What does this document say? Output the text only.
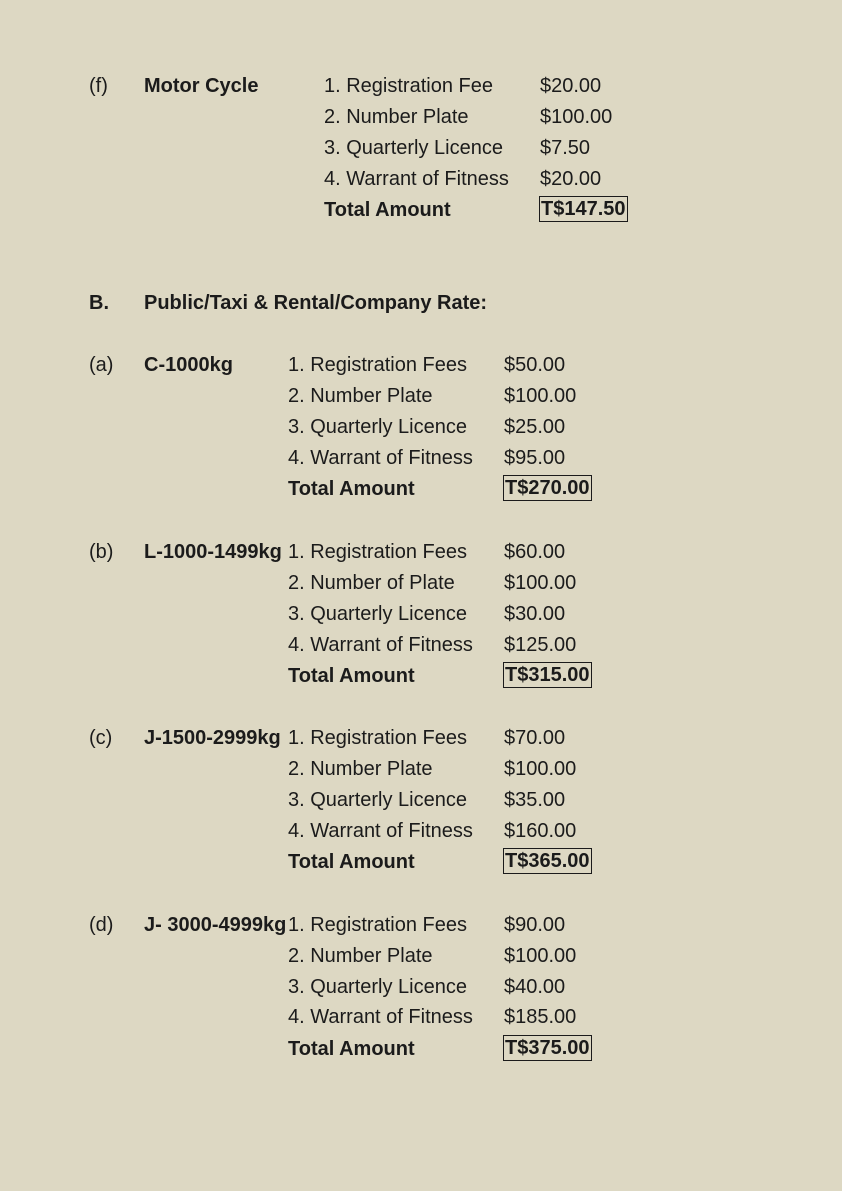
(f) Motor Cycle	1. Registration Fee $20.00
2. Number Plate	$100.00
3. Quarterly Licence $7.50
4. Warrant of Fitness $20.00
Total Amount	T$147.50
B. Public/Taxi & Rental/Company Rate:
(a) C-1000kg	1. Registration Fees $50.00
2. Number Plate	$100.00
3. Quarterly Licence $25.00
4. Warrant of Fitness $95.00
Total Amount	T$270.00
(b) L-1000-1499kg 1. Registration Fees $60.00
2. Number of Plate $100.00
3. Quarterly Licence $30.00
4. Warrant of Fitness $125.00
Total Amount	T$315.00
(c) J-1500-2999kg 1. Registration Fees $70.00
2. Number Plate	$100.00
3. Quarterly Licence $35.00
4. Warrant of Fitness $160.00
Total Amount	T$365.00
(d) J- 3000-4999kg 1. Registration Fees $90.00
2. Number Plate	$100.00
3. Quarterly Licence $40.00
4. Warrant of Fitness $185.00
Total Amount	T$375.00
